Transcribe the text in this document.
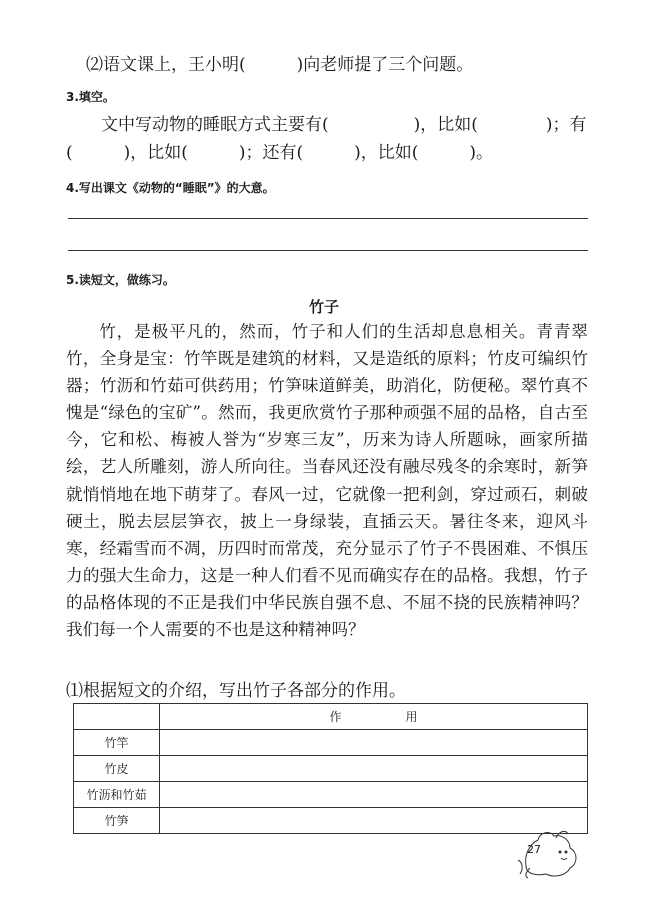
⑵语文课上，王小明(　　　)向老师提了三个问题。
3.填空。
文中写动物的睡眠方式主要有(　　　　　)，比如(　　　　)；有
(　　　)，比如(　　　)；还有(　　　)，比如(　　　)。
4.写出课文《动物的“睡眠”》的大意。
5.读短文，做练习。
竹子

竹，是极平凡的，然而，竹子和人们的生活却息息相关。青青翠竹，全身是宝：竹竿既是建筑的材料，又是造纸的原料；竹皮可编织竹器；竹沥和竹茹可供药用；竹笋味道鲜美，助消化，防便秘。翠竹真不愧是“绿色的宝矿”。然而，我更欣赏竹子那种顽强不屈的品格，自古至今，它和松、梅被人誉为“岁寒三友”，历来为诗人所题咏，画家所描绘，艺人所雕刻，游人所向往。当春风还没有融尽残冬的余寒时，新笋就悄悄地在地下萌芽了。春风一过，它就像一把利剑，穿过顽石，刺破硬土，脱去层层笋衣，披上一身绿装，直插云天。暑往冬来，迎风斗寒，经霜雪而不凋，历四时而常茂，充分显示了竹子不畏困难、不惧压力的强大生命力，这是一种人们看不见而确实存在的品格。我想，竹子的品格体现的不正是我们中华民族自强不息、不屈不挠的民族精神吗？我们每一个人需要的不也是这种精神吗？

⑴根据短文的介绍，写出竹子各部分的作用。

	作 用

竹竿	
竹皮	
竹沥和竹茹	
竹笋	
27
